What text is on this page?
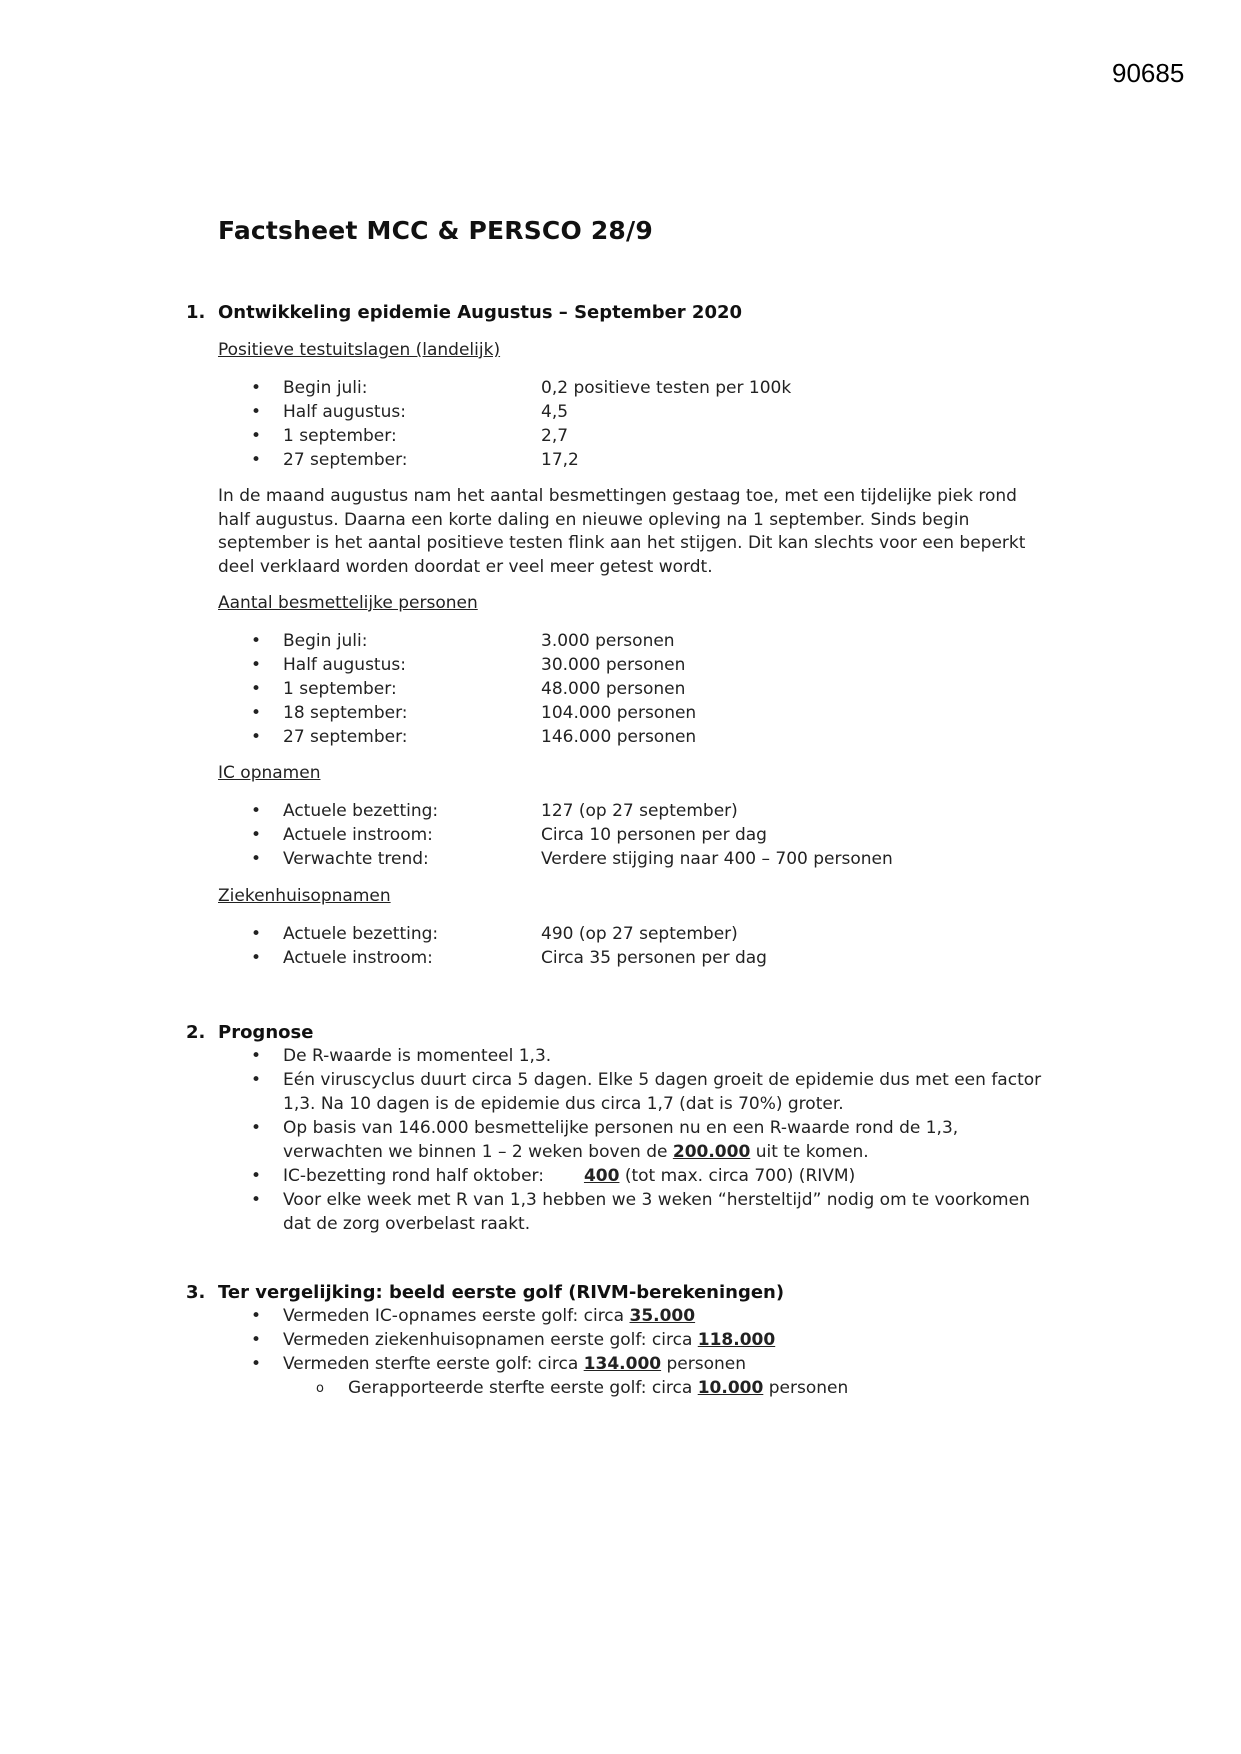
90685
Factsheet MCC & PERSCO 28/9
1. Ontwikkeling epidemie Augustus – September 2020
Positieve testuitslagen (landelijk)
• Begin juli:	0,2 positieve testen per 100k
• Half augustus:	4,5
• 1 september:	2,7
• 27 september:	17,2
In de maand augustus nam het aantal besmettingen gestaag toe, met een tijdelijke piek rond half augustus. Daarna een korte daling en nieuwe opleving na 1 september. Sinds begin september is het aantal positieve testen flink aan het stijgen. Dit kan slechts voor een beperkt deel verklaard worden doordat er veel meer getest wordt.
Aantal besmettelijke personen
• Begin juli:	3.000 personen
• Half augustus:	30.000 personen
• 1 september:	48.000 personen
• 18 september:	104.000 personen
• 27 september:	146.000 personen
IC opnamen
• Actuele bezetting:	127 (op 27 september)
• Actuele instroom:	Circa 10 personen per dag
• Verwachte trend:	Verdere stijging naar 400 – 700 personen
Ziekenhuisopnamen
• Actuele bezetting:	490 (op 27 september)
• Actuele instroom:	Circa 35 personen per dag
2. Prognose
• De R-waarde is momenteel 1,3.
• Eén viruscyclus duurt circa 5 dagen. Elke 5 dagen groeit de epidemie dus met een factor 1,3. Na 10 dagen is de epidemie dus circa 1,7 (dat is 70%) groter.
• Op basis van 146.000 besmettelijke personen nu en een R-waarde rond de 1,3, verwachten we binnen 1 – 2 weken boven de 200.000 uit te komen.
• IC-bezetting rond half oktober: 400 (tot max. circa 700) (RIVM)
• Voor elke week met R van 1,3 hebben we 3 weken “hersteltijd” nodig om te voorkomen dat de zorg overbelast raakt.
3. Ter vergelijking: beeld eerste golf (RIVM-berekeningen)
• Vermeden IC-opnames eerste golf: circa 35.000
• Vermeden ziekenhuisopnamen eerste golf: circa 118.000
• Vermeden sterfte eerste golf: circa 134.000 personen
o Gerapporteerde sterfte eerste golf: circa 10.000 personen
